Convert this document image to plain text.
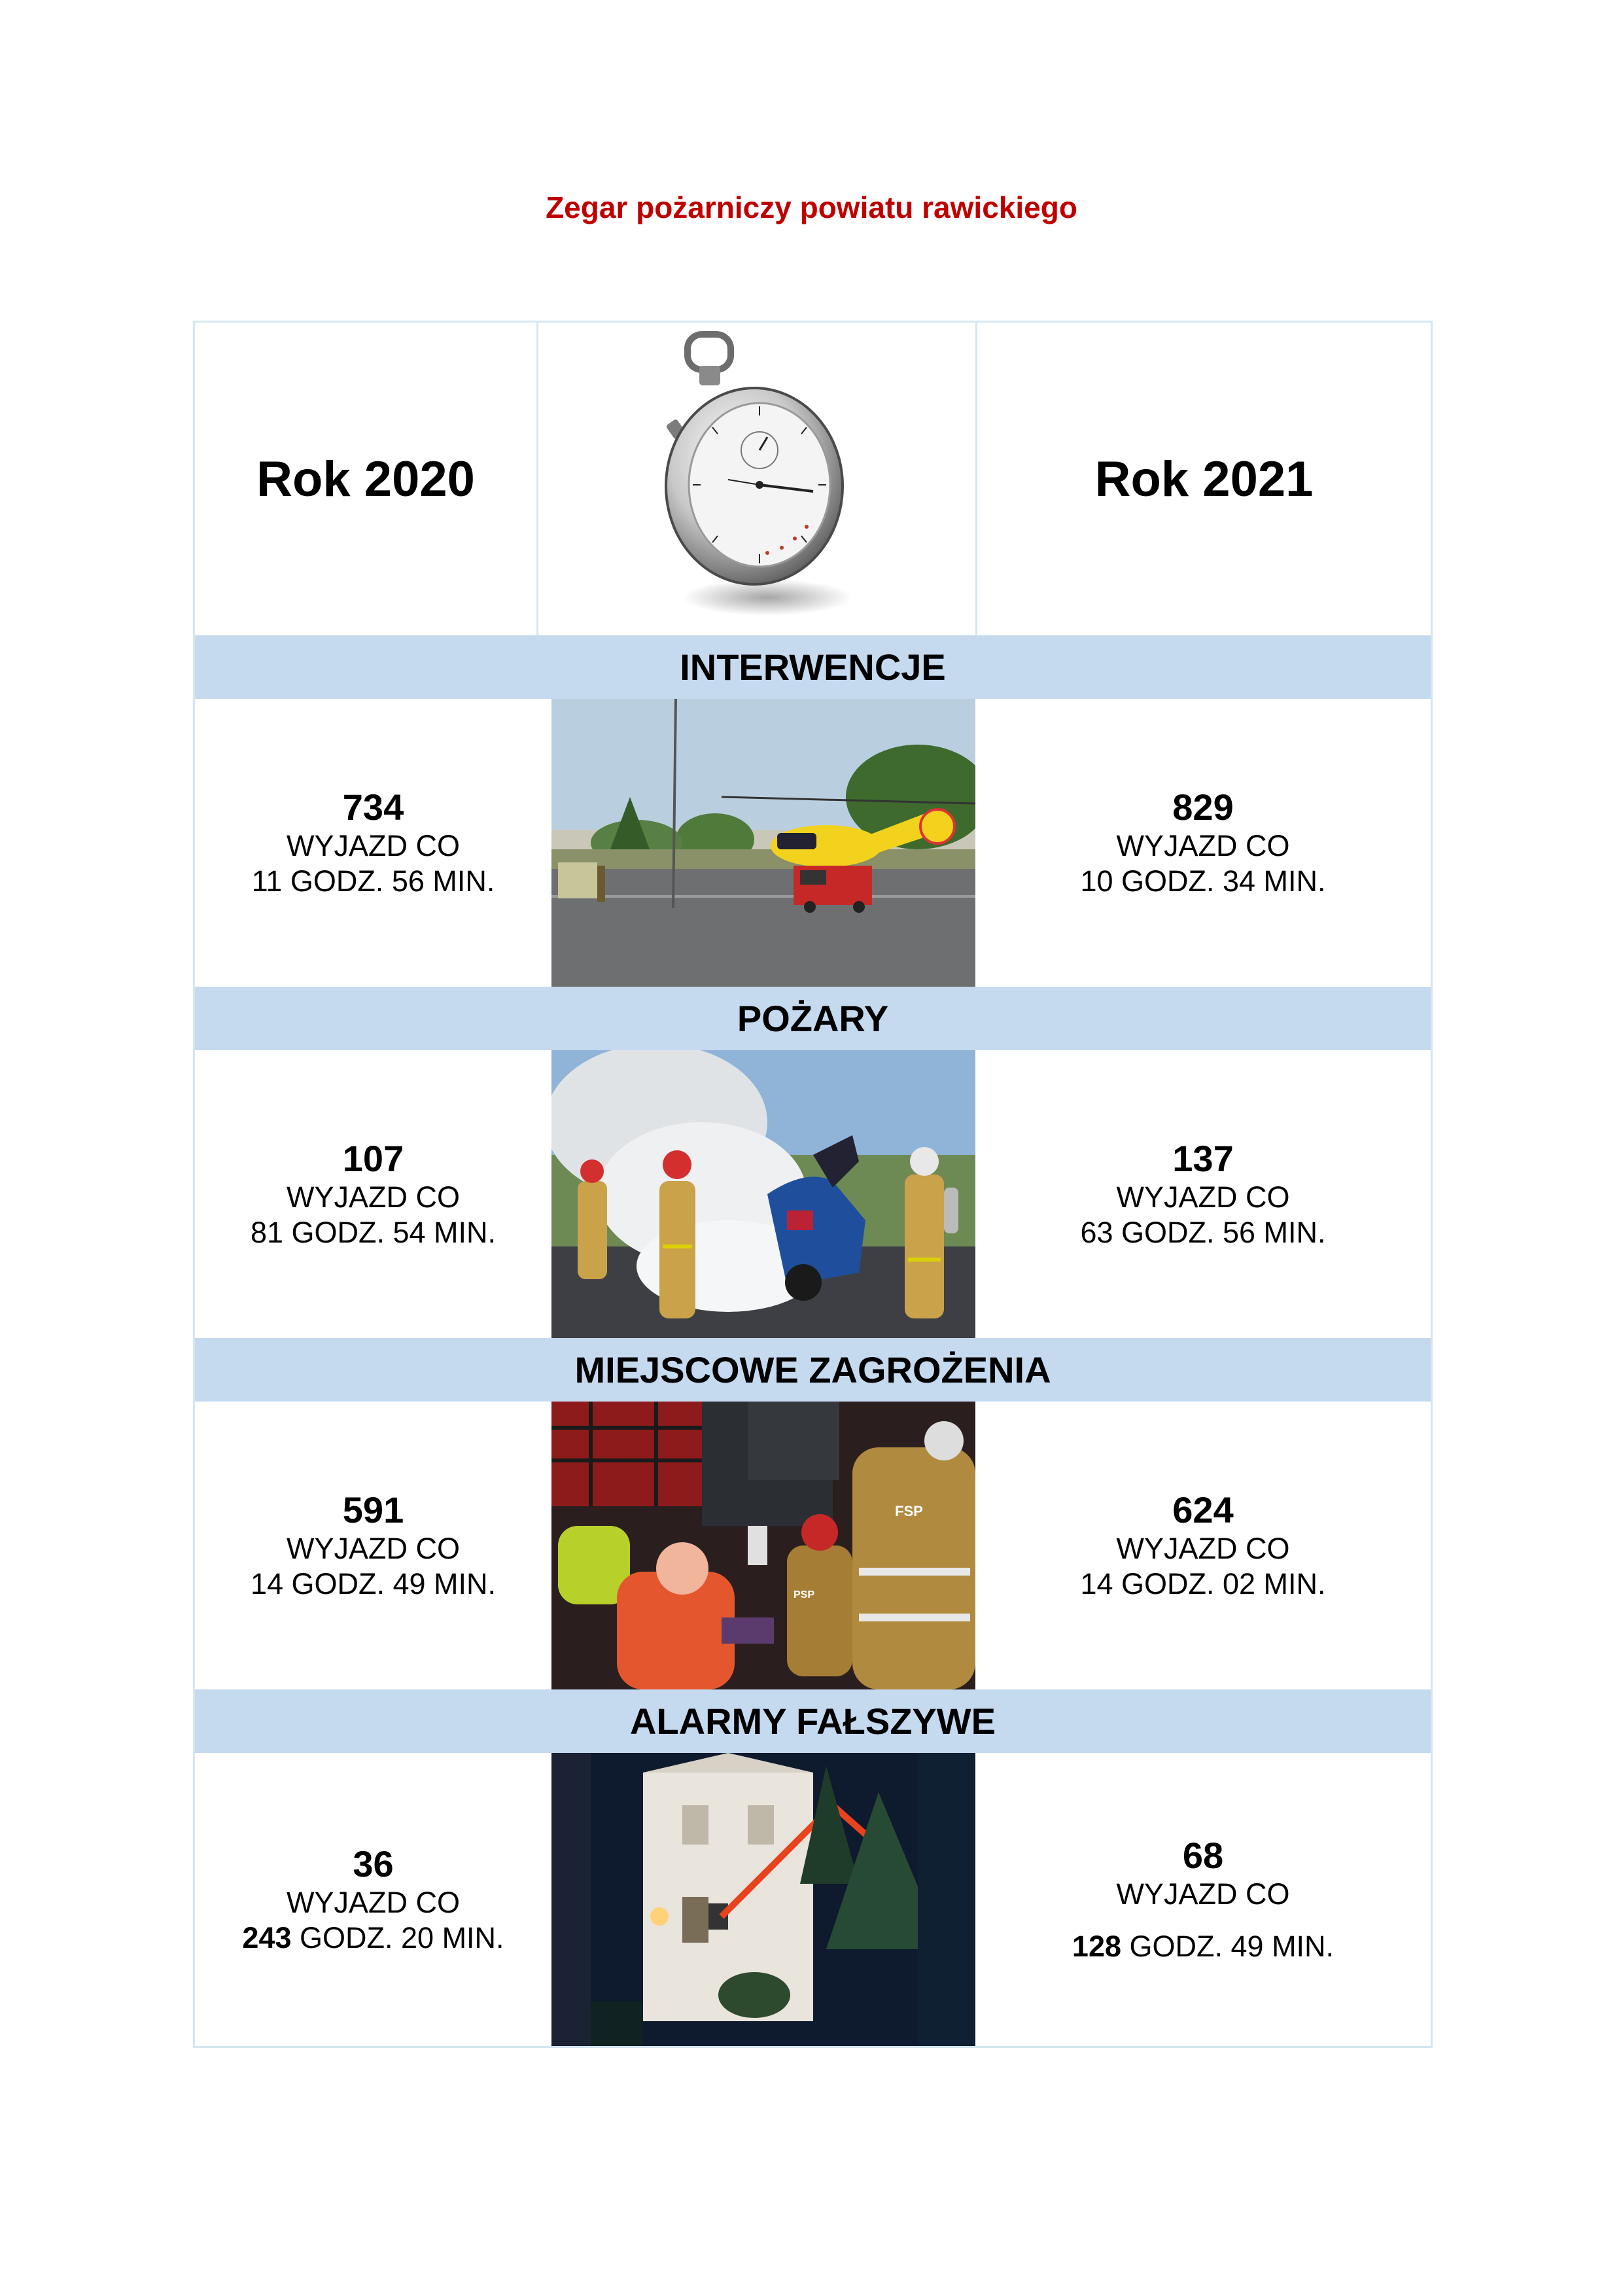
Zegar pożarniczy powiatu rawickiego
Rok 2020	Rok 2021
INTERWENCJE
734
WYJAZD CO
11 GODZ. 56 MIN.
829
WYJAZD CO
10 GODZ. 34 MIN.
POŻARY
107
WYJAZD CO
81 GODZ. 54 MIN.
137
WYJAZD CO
63 GODZ. 56 MIN.
MIEJSCOWE ZAGROŻENIA
591
WYJAZD CO
14 GODZ. 49 MIN.
FSP
PSP
624
WYJAZD CO
14 GODZ. 02 MIN.
ALARMY FAŁSZYWE
36
WYJAZD CO
243 GODZ. 20 MIN.
68
WYJAZD CO
128 GODZ. 49 MIN.
